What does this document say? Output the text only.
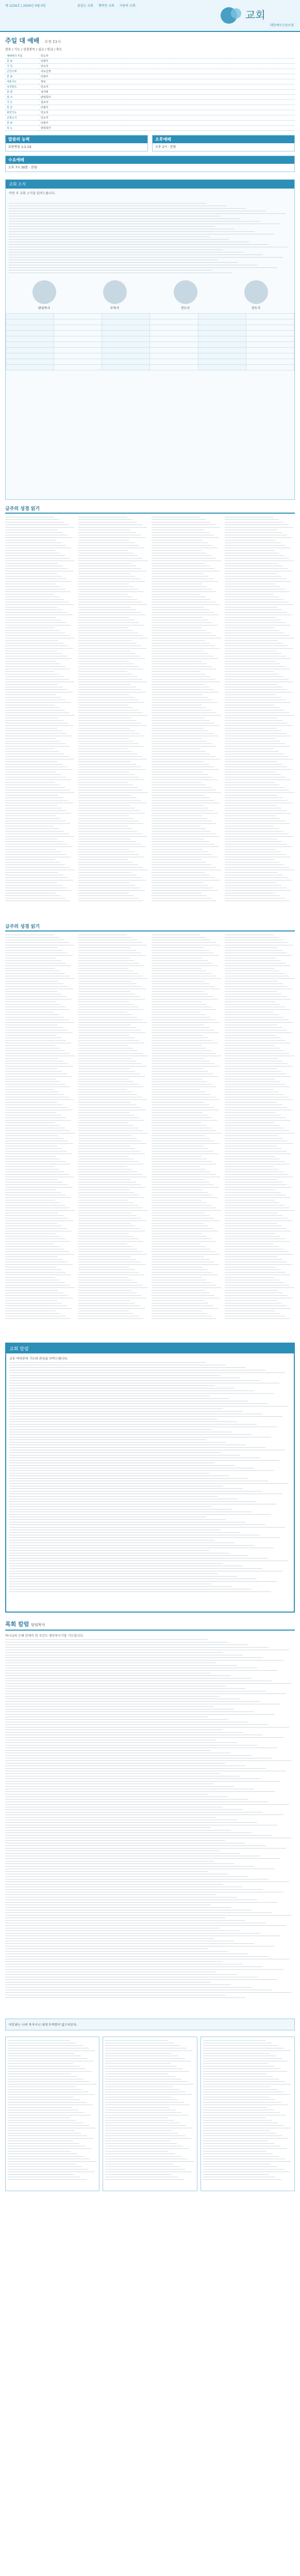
제 1234호 | 2024년 0월 0일	꿈있는 교회 행복한 교회 사랑의 교회
교회
대한예수교장로회
주일 대 예배 오전 11시
찬송 / 기도 / 성경봉독 / 설교 / 헌금 / 축도
예배에의 부름	인도자
찬 송	다같이
기 원	인도자
신앙고백	사도신경
찬 송	다같이
대표기도	장로
성경봉독	인도자
찬 양	성가대
설 교	담임목사
기 도	설교자
헌 금	다같이
봉헌기도	인도자
교회소식	인도자
찬 송	다같이
축 도	담임목사
말씀의 능력
요한복음 1:1-14
오후예배
오후 2시 · 본당
수요예배
오후 7시 30분 · 본당
교회 소식
이번 주 교회 소식을 알려드립니다.
담임목사	부목사	전도사	전도사

금주의 성경 읽기
금주의 성경 읽기
교회 알림
교우 여러분의 기도와 관심을 부탁드립니다.
목회 칼럼 담임목사
하나님의 은혜 안에서 한 주간도 평안하시기를 기도합니다.
여호와는 나의 목자시니 내게 부족함이 없으리로다.
